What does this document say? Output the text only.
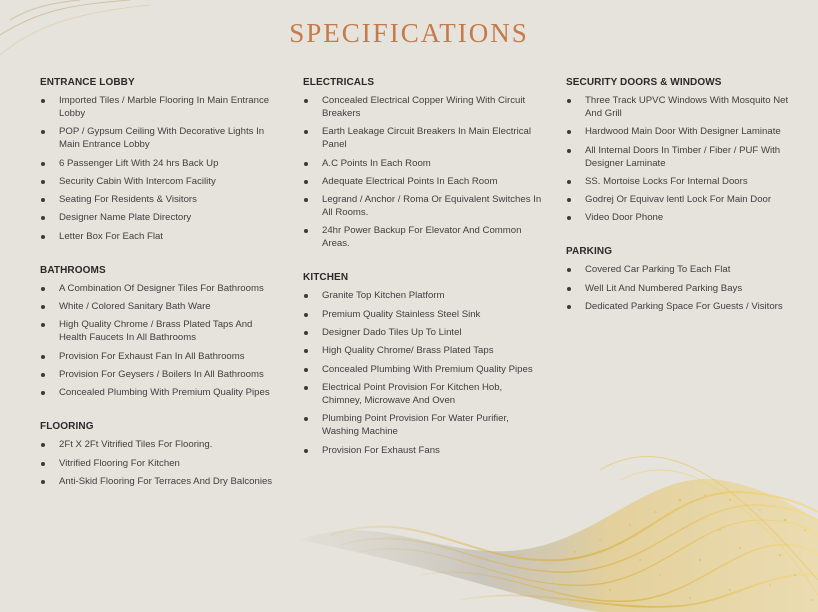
SPECIFICATIONS
ENTRANCE LOBBY
Imported Tiles / Marble Flooring In Main Entrance Lobby
POP / Gypsum Ceiling With Decorative Lights In Main Entrance Lobby
6 Passenger Lift With 24 hrs Back Up
Security Cabin With Intercom Facility
Seating For Residents & Visitors
Designer Name Plate Directory
Letter Box For Each Flat
BATHROOMS
A Combination Of Designer Tiles For Bathrooms
White / Colored Sanitary Bath Ware
High Quality Chrome / Brass Plated Taps And Health Faucets In All Bathrooms
Provision For Exhaust Fan In All Bathrooms
Provision For Geysers / Boilers In All Bathrooms
Concealed Plumbing With Premium Quality Pipes
FLOORING
2Ft X 2Ft Vitrified Tiles For Flooring.
Vitrified Flooring For Kitchen
Anti-Skid Flooring For Terraces And Dry Balconies
ELECTRICALS
Concealed Electrical Copper Wiring With Circuit Breakers
Earth Leakage Circuit Breakers In Main Electrical Panel
A.C Points In Each Room
Adequate Electrical Points In Each Room
Legrand / Anchor / Roma Or Equivalent Switches In All Rooms.
24hr Power Backup For Elevator And Common Areas.
KITCHEN
Granite Top Kitchen Platform
Premium Quality Stainless Steel Sink
Designer Dado Tiles Up To Lintel
High Quality Chrome/ Brass Plated Taps
Concealed Plumbing With Premium Quality Pipes
Electrical Point Provision For Kitchen Hob, Chimney, Microwave And Oven
Plumbing Point Provision For Water Purifier, Washing Machine
Provision For Exhaust Fans
SECURITY DOORS & WINDOWS
Three Track UPVC Windows With Mosquito Net And Grill
Hardwood Main Door With Designer Laminate
All Internal Doors In Timber / Fiber / PUF With Designer Laminate
SS. Mortoise Locks For Internal Doors
Godrej Or Equivav lentl Lock For Main Door
Video Door Phone
PARKING
Covered Car Parking To Each Flat
Well Lit And Numbered Parking Bays
Dedicated Parking Space For Guests / Visitors
